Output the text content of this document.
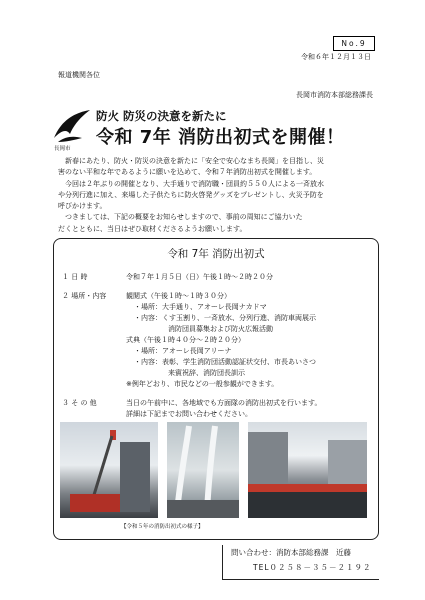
No.9
令和６年１２月１３日
報道機関各位
長岡市消防本部総務課長
長岡市
防火 防災の決意を新たに
令和 7年 消防出初式を開催！
新春にあたり、防火・防災の決意を新たに「安全で安心なまち長岡」を目指し、災
害のない平和な年であるように願いを込めて、令和７年消防出初式を開催します。
今回は２年ぶりの開催となり、大手通りで消防職・団員約５５０人による一斉放水
や分列行進に加え、来場した子供たちに防火啓発グッズをプレゼントし、火災予防を
呼びかけます。
つきましては、下記の概要をお知らせしますので、事前の周知にご協力いた
だくとともに、当日はぜひ取材くださるようお願いします。
令和 7年 消防出初式
１ 日 時	令和７年１月５日（日）午後１時〜２時２０分
２ 場所・内容	観閲式（午後１時〜１時３０分）
・場所：大手通り、アオーレ長岡ナカドマ
・内容：くす玉割り、一斉放水、分列行進、消防車両展示
消防団員募集および防火広報活動
式典（午後１時４０分〜２時２０分）
・場所：アオーレ長岡アリーナ
・内容：表彰、学生消防団活動認証状交付、市長あいさつ
来賓祝辞、消防団長訓示
※例年どおり、市民などの一般参観ができます。
３ そ の 他	当日の午前中に、各地域でも方面隊の消防出初式を行います。
詳細は下記までお問い合わせください。
【令和５年の消防出初式の様子】
問い合わせ：消防本部総務課　近藤
TEL０２５８－３５－２１９２
